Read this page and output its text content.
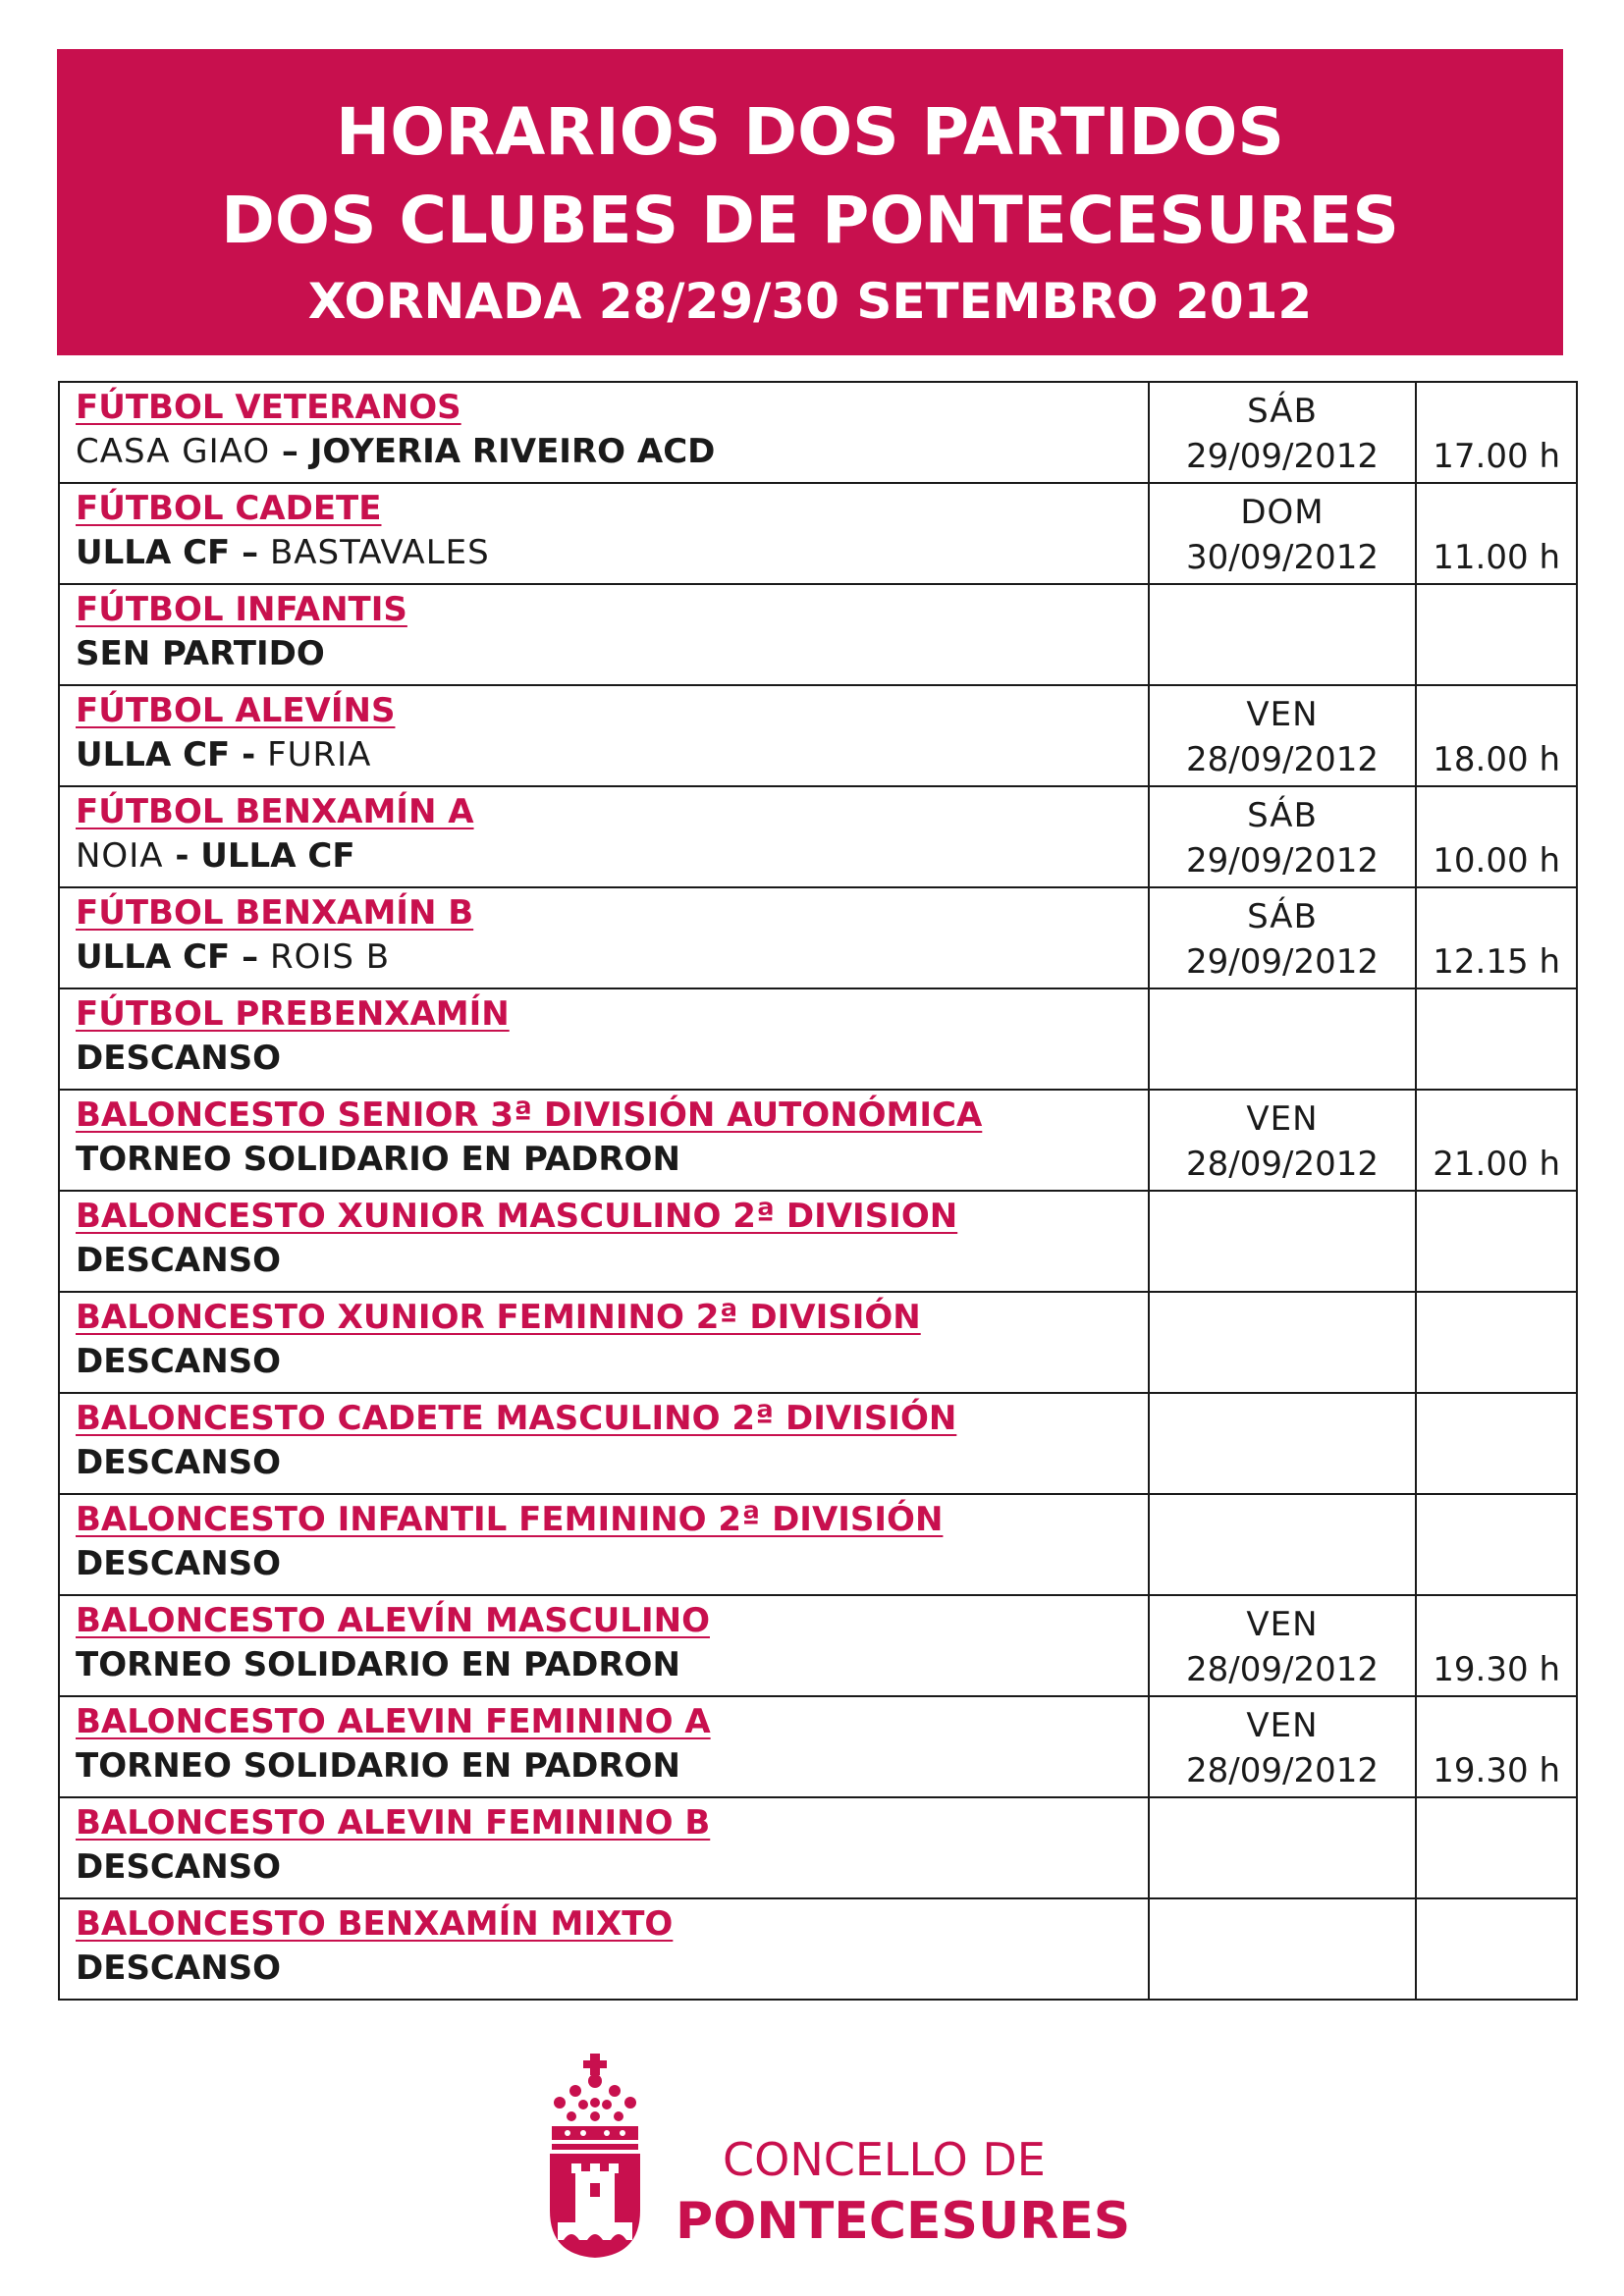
HORARIOS DOS PARTIDOS
DOS CLUBES DE PONTECESURES
XORNADA 28/29/30 SETEMBRO 2012
FÚTBOL VETERANOS
CASA GIAO – JOYERIA RIVEIRO ACD	SÁB
29/09/2012	17.00 h

FÚTBOL CADETE
ULLA CF – BASTAVALES	DOM
30/09/2012	11.00 h

FÚTBOL INFANTIS
SEN PARTIDO		

FÚTBOL ALEVÍNS
ULLA CF - FURIA	VEN
28/09/2012	18.00 h

FÚTBOL BENXAMÍN A
NOIA - ULLA CF	SÁB
29/09/2012	10.00 h

FÚTBOL BENXAMÍN B
ULLA CF – ROIS B	SÁB
29/09/2012	12.15 h

FÚTBOL PREBENXAMÍN
DESCANSO		

BALONCESTO SENIOR 3ª DIVISIÓN AUTONÓMICA
TORNEO SOLIDARIO EN PADRON	VEN
28/09/2012	21.00 h

BALONCESTO XUNIOR MASCULINO 2ª DIVISION
DESCANSO		

BALONCESTO XUNIOR FEMININO 2ª DIVISIÓN
DESCANSO		

BALONCESTO CADETE MASCULINO 2ª DIVISIÓN
DESCANSO		

BALONCESTO INFANTIL FEMININO 2ª DIVISIÓN
DESCANSO		

BALONCESTO ALEVÍN MASCULINO
TORNEO SOLIDARIO EN PADRON	VEN
28/09/2012	19.30 h

BALONCESTO ALEVIN FEMININO A
TORNEO SOLIDARIO EN PADRON	VEN
28/09/2012	19.30 h

BALONCESTO ALEVIN FEMININO B
DESCANSO		

BALONCESTO BENXAMÍN MIXTO
DESCANSO		

CONCELLO DE
PONTECESURES
